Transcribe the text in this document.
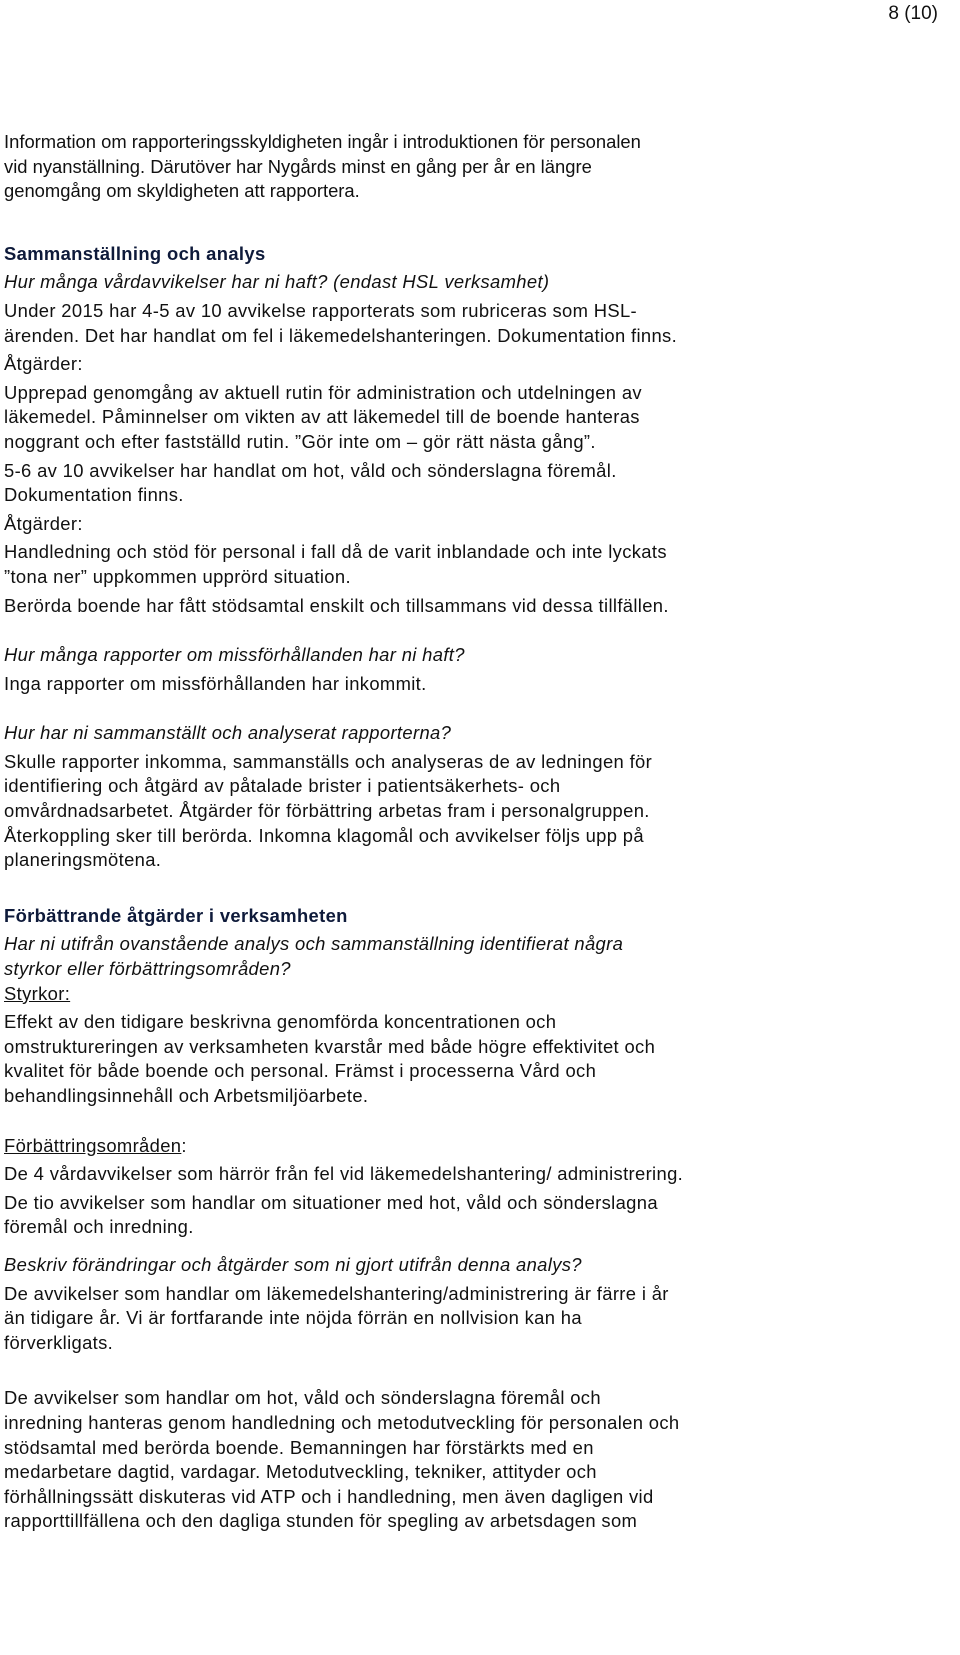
8 (10)

Information om rapporteringsskyldigheten ingår i introduktionen för personalen

vid nyanställning. Därutöver har Nygårds minst en gång per år en längre

genomgång om skyldigheten att rapportera.

Sammanställning och analys

Hur många vårdavvikelser har ni haft? (endast HSL verksamhet)

Under 2015 har 4-5 av 10 avvikelse rapporterats som rubriceras som HSL-

ärenden. Det har handlat om fel i läkemedelshanteringen. Dokumentation finns.

Åtgärder:

Upprepad genomgång av aktuell rutin för administration och utdelningen av

läkemedel. Påminnelser om vikten av att läkemedel till de boende hanteras

noggrant och efter fastställd rutin. ”Gör inte om – gör rätt nästa gång”.

5-6 av 10 avvikelser har handlat om hot, våld och sönderslagna föremål.

Dokumentation finns.

Åtgärder:

Handledning och stöd för personal i fall då de varit inblandade och inte lyckats

”tona ner” uppkommen upprörd situation.

Berörda boende har fått stödsamtal enskilt och tillsammans vid dessa tillfällen.

Hur många rapporter om missförhållanden har ni haft?

Inga rapporter om missförhållanden har inkommit.

Hur har ni sammanställt och analyserat rapporterna?

Skulle rapporter inkomma, sammanställs och analyseras de av ledningen för

identifiering och åtgärd av påtalade brister i patientsäkerhets- och

omvårdnadsarbetet. Åtgärder för förbättring arbetas fram i personalgruppen.

Återkoppling sker till berörda. Inkomna klagomål och avvikelser följs upp på

planeringsmötena.

Förbättrande åtgärder i verksamheten

Har ni utifrån ovanstående analys och sammanställning identifierat några

styrkor eller förbättringsområden?

Styrkor:

Effekt av den tidigare beskrivna genomförda koncentrationen och

omstruktureringen av verksamheten kvarstår med både högre effektivitet och

kvalitet för både boende och personal. Främst i processerna Vård och

behandlingsinnehåll och Arbetsmiljöarbete.

Förbättringsområden:

De 4 vårdavvikelser som härrör från fel vid läkemedelshantering/ administrering.

De tio avvikelser som handlar om situationer med hot, våld och sönderslagna

föremål och inredning.

Beskriv förändringar och åtgärder som ni gjort utifrån denna analys?

De avvikelser som handlar om läkemedelshantering/administrering är färre i år

än tidigare år. Vi är fortfarande inte nöjda förrän en nollvision kan ha

förverkligats.

De avvikelser som handlar om hot, våld och sönderslagna föremål och

inredning hanteras genom handledning och metodutveckling för personalen och

stödsamtal med berörda boende. Bemanningen har förstärkts med en

medarbetare dagtid, vardagar. Metodutveckling, tekniker, attityder och

förhållningssätt diskuteras vid ATP och i handledning, men även dagligen vid

rapporttillfällena och den dagliga stunden för spegling av arbetsdagen som
